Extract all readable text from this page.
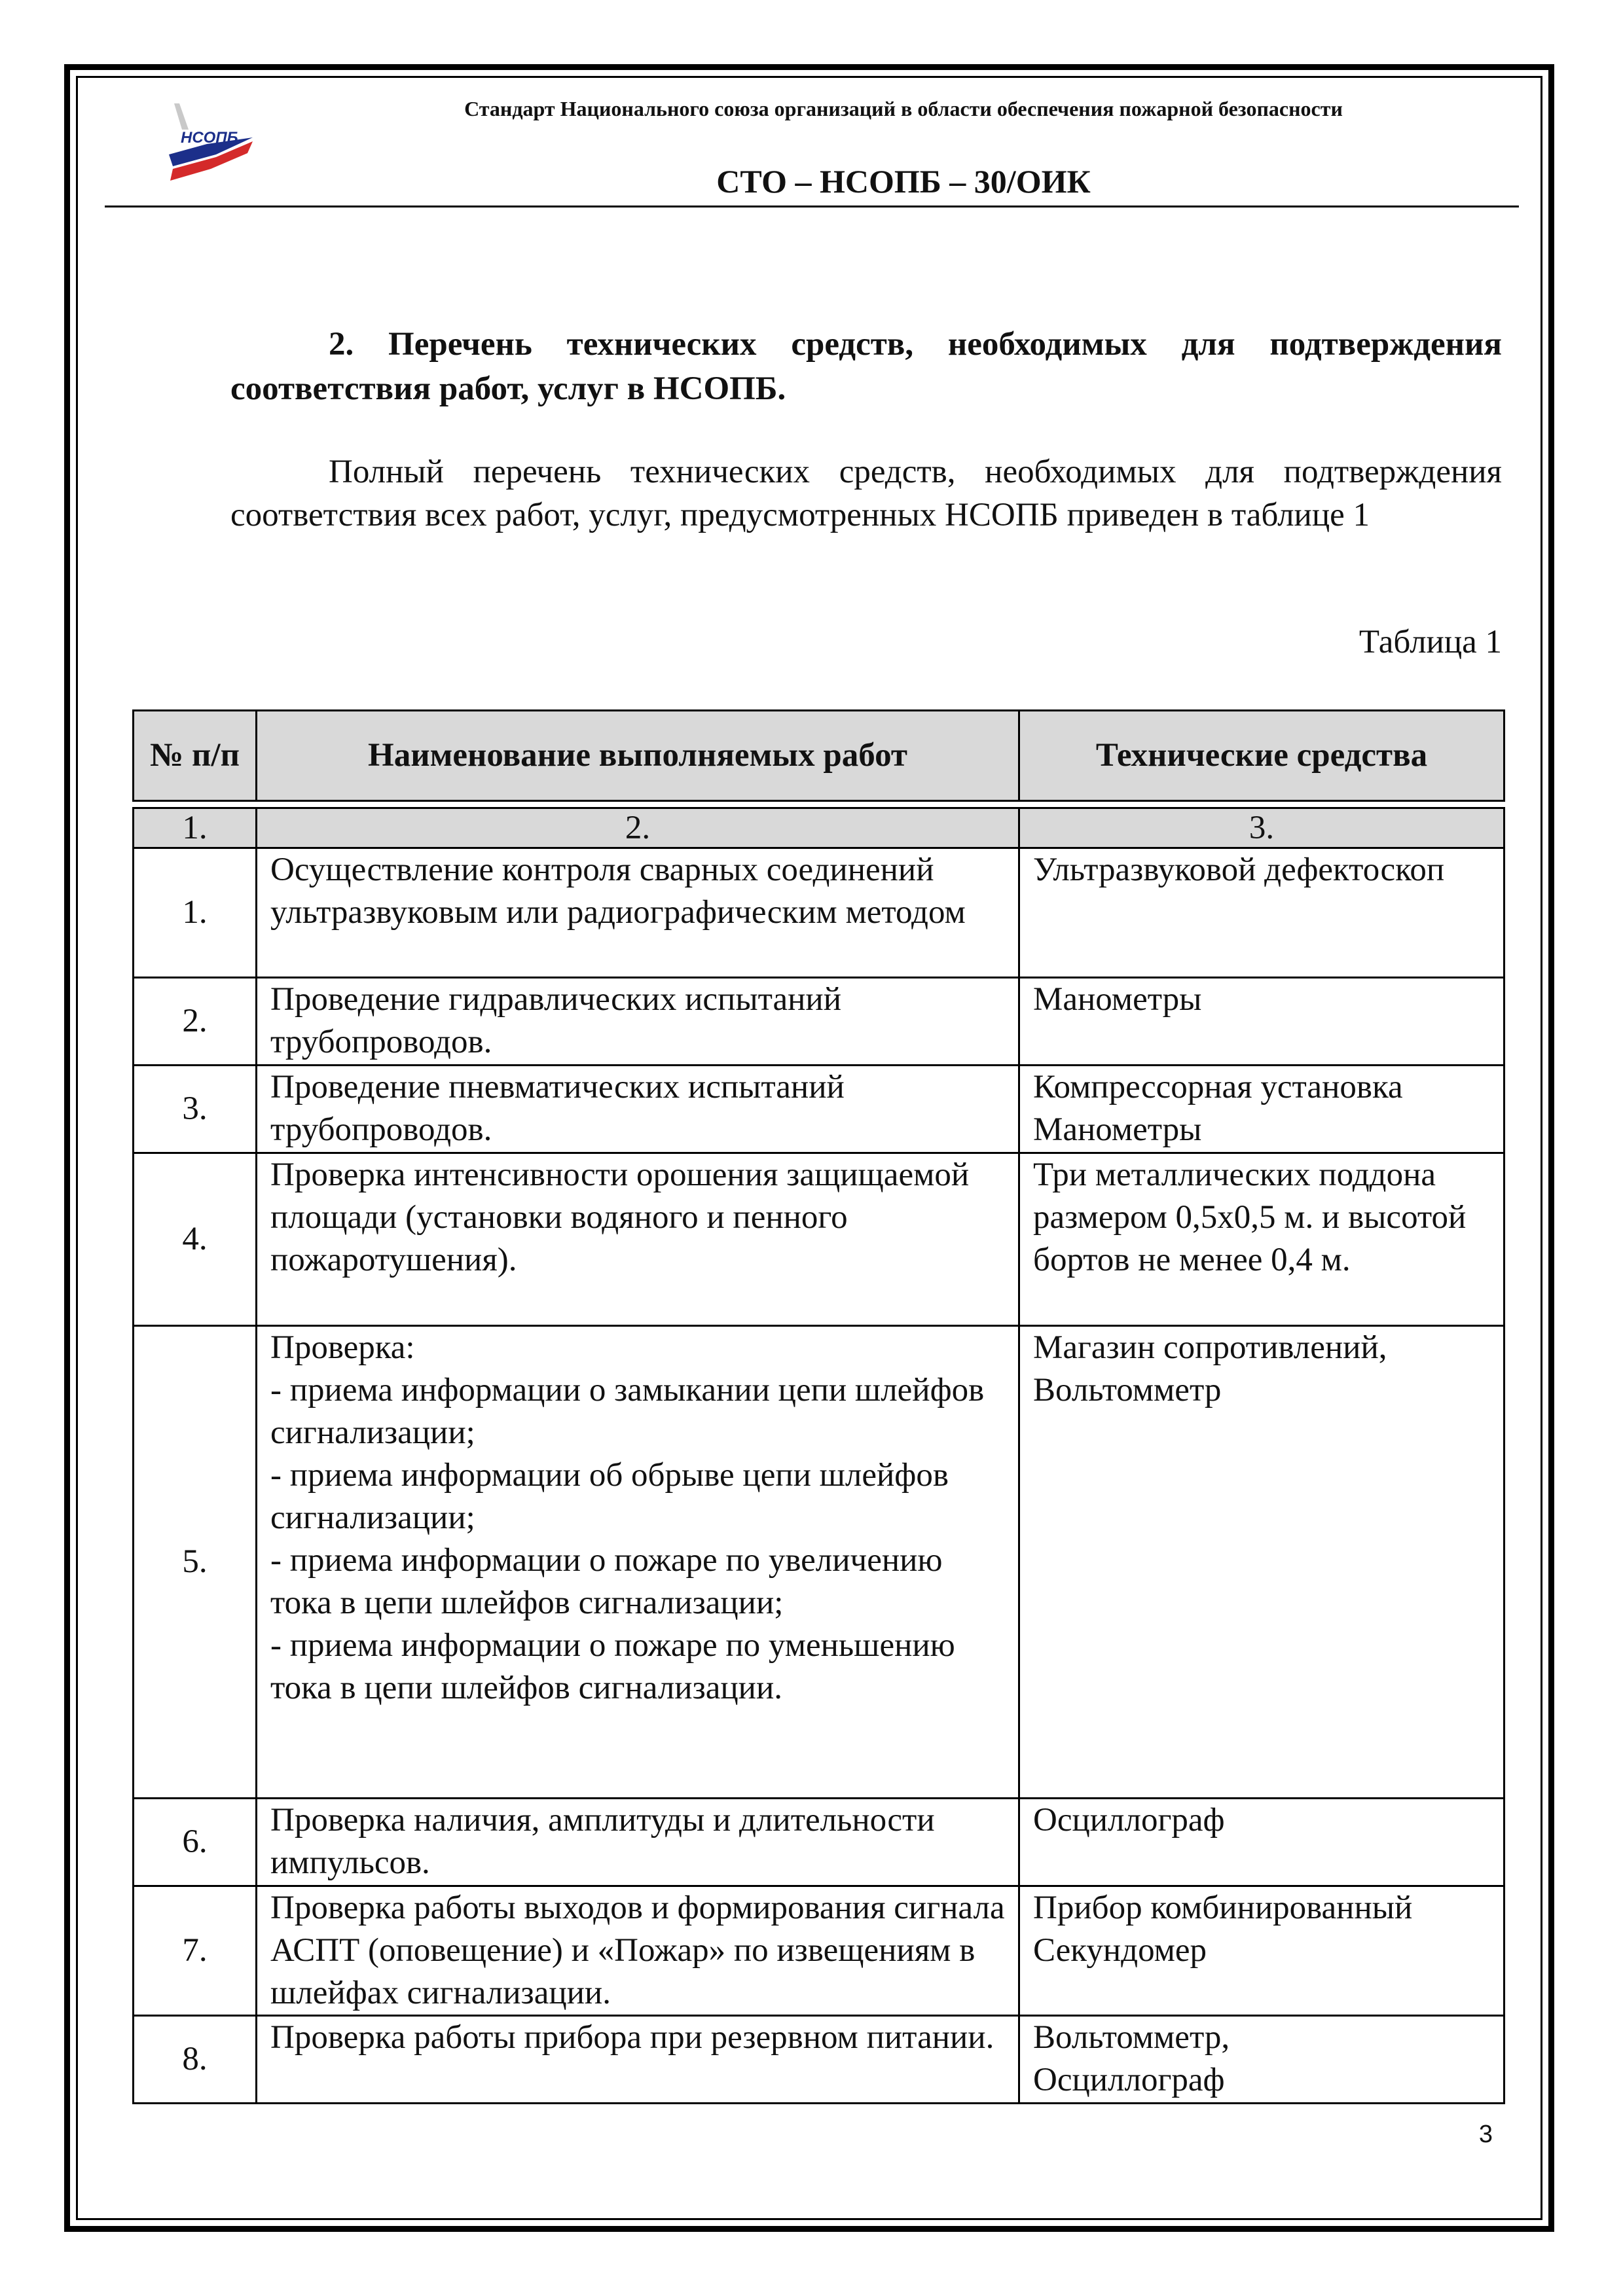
НСОПБ
Стандарт Национального союза организаций в области обеспечения пожарной безопасности
СТО – НСОПБ – 30/ОИК
2. Перечень технических средств, необходимых для подтверждения соответствия работ, услуг в НСОПБ.
Полный перечень технических средств, необходимых для подтверждения соответствия всех работ, услуг, предусмотренных НСОПБ приведен в таблице 1
Таблица 1
№ п/п	Наименование выполняемых работ	Технические средства

1.	2.	3.
1.	Осуществление контроля сварных соединений ультразвуковым или радиографическим методом	Ультразвуковой дефектоскоп
2.	Проведение гидравлических испытаний трубопроводов.	Манометры
3.	Проведение пневматических испытаний трубопроводов.	Компрессорная установка
Манометры
4.	Проверка интенсивности орошения защищаемой площади (установки водяного и пенного пожаротушения).	Три металлических поддона размером 0,5х0,5 м. и высотой бортов не менее 0,4 м.
5.	Проверка:
- приема информации о замыкании цепи шлейфов сигнализации;
- приема информации об обрыве цепи шлейфов сигнализации;
- приема информации о пожаре по увеличению тока в цепи шлейфов сигнализации;
- приема информации о пожаре по уменьшению тока в цепи шлейфов сигнализации.	Магазин сопротивлений,
Вольтомметр
6.	Проверка наличия, амплитуды и длительности импульсов.	Осциллограф
7.	Проверка работы выходов и формирования сигнала АСПТ (оповещение) и «Пожар» по извещениям в шлейфах сигнализации.	Прибор комбинированный
Секундомер
8.	Проверка работы прибора при резервном питании.	Вольтомметр,
Осциллограф
3
